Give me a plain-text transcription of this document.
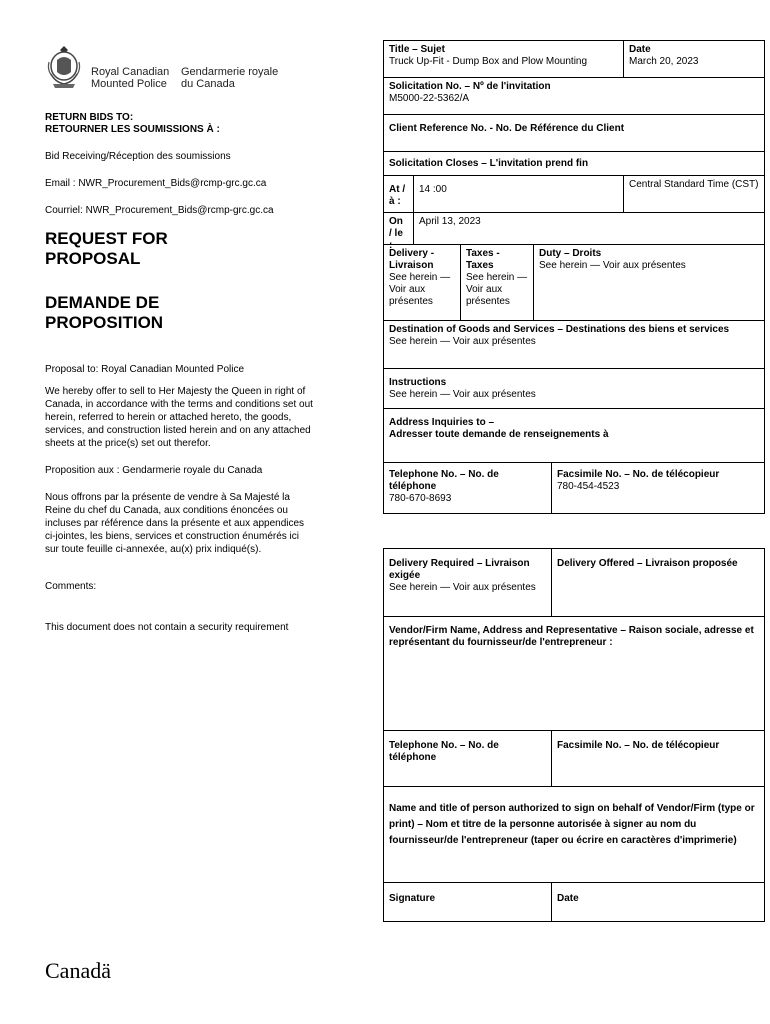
Royal Canadian Mounted Police
Gendarmerie royale du Canada
RETURN BIDS TO:
RETOURNER LES SOUMISSIONS À :
Bid Receiving/Réception des soumissions
Email : NWR_Procurement_Bids@rcmp-grc.gc.ca
Courriel: NWR_Procurement_Bids@rcmp-grc.gc.ca
REQUEST FOR
PROPOSAL
DEMANDE DE
PROPOSITION
Proposal to: Royal Canadian Mounted Police
We hereby offer to sell to Her Majesty the Queen in right of Canada, in accordance with the terms and conditions set out herein, referred to herein or attached hereto, the goods, services, and construction listed herein and on any attached sheets at the price(s) set out therefor.
Proposition aux : Gendarmerie royale du Canada
Nous offrons par la présente de vendre à Sa Majesté la Reine du chef du Canada, aux conditions énoncées ou incluses par référence dans la présente et aux appendices ci-jointes, les biens, services et construction énumérés ici sur toute feuille ci-annexée, au(x) prix indiqué(s).
Comments:
This document does not contain a security requirement
Title – Sujet
Truck Up-Fit - Dump Box and Plow Mounting
Date
March 20, 2023
Solicitation No. – Nº de l'invitation
M5000-22-5362/A
Client Reference No. - No. De Référence du Client
Solicitation Closes – L'invitation prend fin
At /à :
14 :00	Central Standard Time (CST)
On / le :
April 13, 2023
Delivery - Livraison
See herein — Voir aux présentes
Taxes - Taxes
See herein — Voir aux présentes
Duty – Droits
See herein — Voir aux présentes
Destination of Goods and Services – Destinations des biens et services
See herein — Voir aux présentes
Instructions
See herein — Voir aux présentes
Address Inquiries to –
Adresser toute demande de renseignements à
Telephone No. – No. de téléphone
780-670-8693
Facsimile No. – No. de télécopieur
780-454-4523
Delivery Required – Livraison exigée
See herein — Voir aux présentes
Delivery Offered – Livraison proposée
Vendor/Firm Name, Address and Representative – Raison sociale, adresse et représentant du fournisseur/de l'entrepreneur :
Telephone No. – No. de téléphone
Facsimile No. – No. de télécopieur
Name and title of person authorized to sign on behalf of Vendor/Firm (type or print) – Nom et titre de la personne autorisée à signer au nom du fournisseur/de l'entrepreneur (taper ou écrire en caractères d'imprimerie)
Signature	Date
Canadä
